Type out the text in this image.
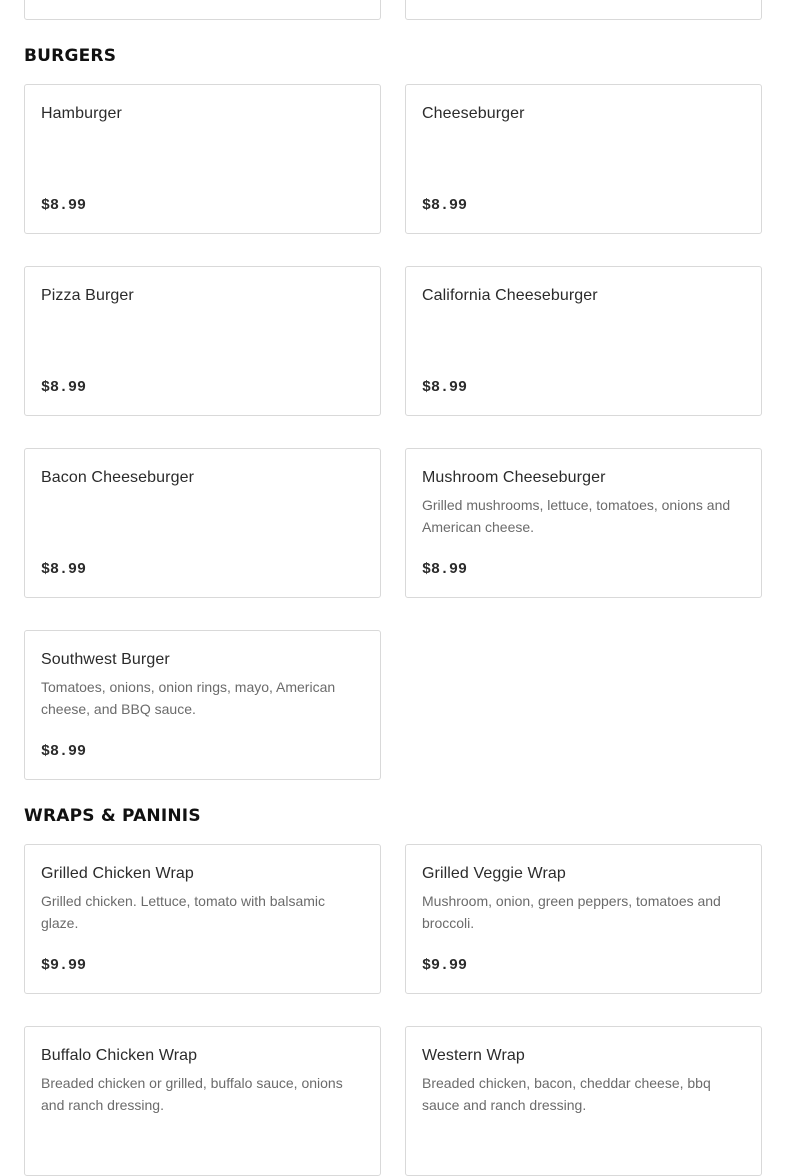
BURGERS
Hamburger
$8.99
Cheeseburger
$8.99
Pizza Burger
$8.99
California Cheeseburger
$8.99
Bacon Cheeseburger
$8.99
Mushroom Cheeseburger
Grilled mushrooms, lettuce, tomatoes, onions and American cheese.
$8.99
Southwest Burger
Tomatoes, onions, onion rings, mayo, American cheese, and BBQ sauce.
$8.99
WRAPS & PANINIS
Grilled Chicken Wrap
Grilled chicken. Lettuce, tomato with balsamic glaze.
$9.99
Grilled Veggie Wrap
Mushroom, onion, green peppers, tomatoes and broccoli.
$9.99
Buffalo Chicken Wrap
Breaded chicken or grilled, buffalo sauce, onions and ranch dressing.
Western Wrap
Breaded chicken, bacon, cheddar cheese, bbq sauce and ranch dressing.
